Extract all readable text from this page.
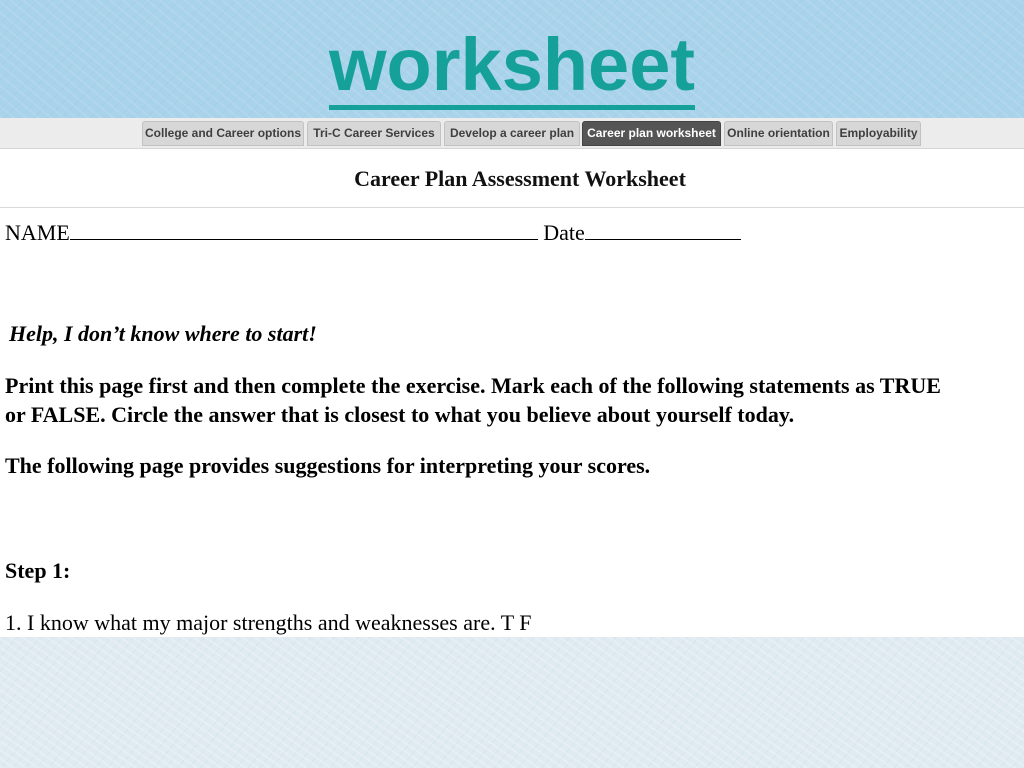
worksheet
College and Career options	Tri-C Career Services	Develop a career plan	Career plan worksheet Online orientation Employability
Career Plan Assessment Worksheet
NAME	Date

Help, I don’t know where to start!

Print this page first and then complete the exercise. Mark each of the following statements as TRUE

or FALSE. Circle the answer that is closest to what you believe about yourself today.

The following page provides suggestions for interpreting your scores.

Step 1:

1. I know what my major strengths and weaknesses are. T F
